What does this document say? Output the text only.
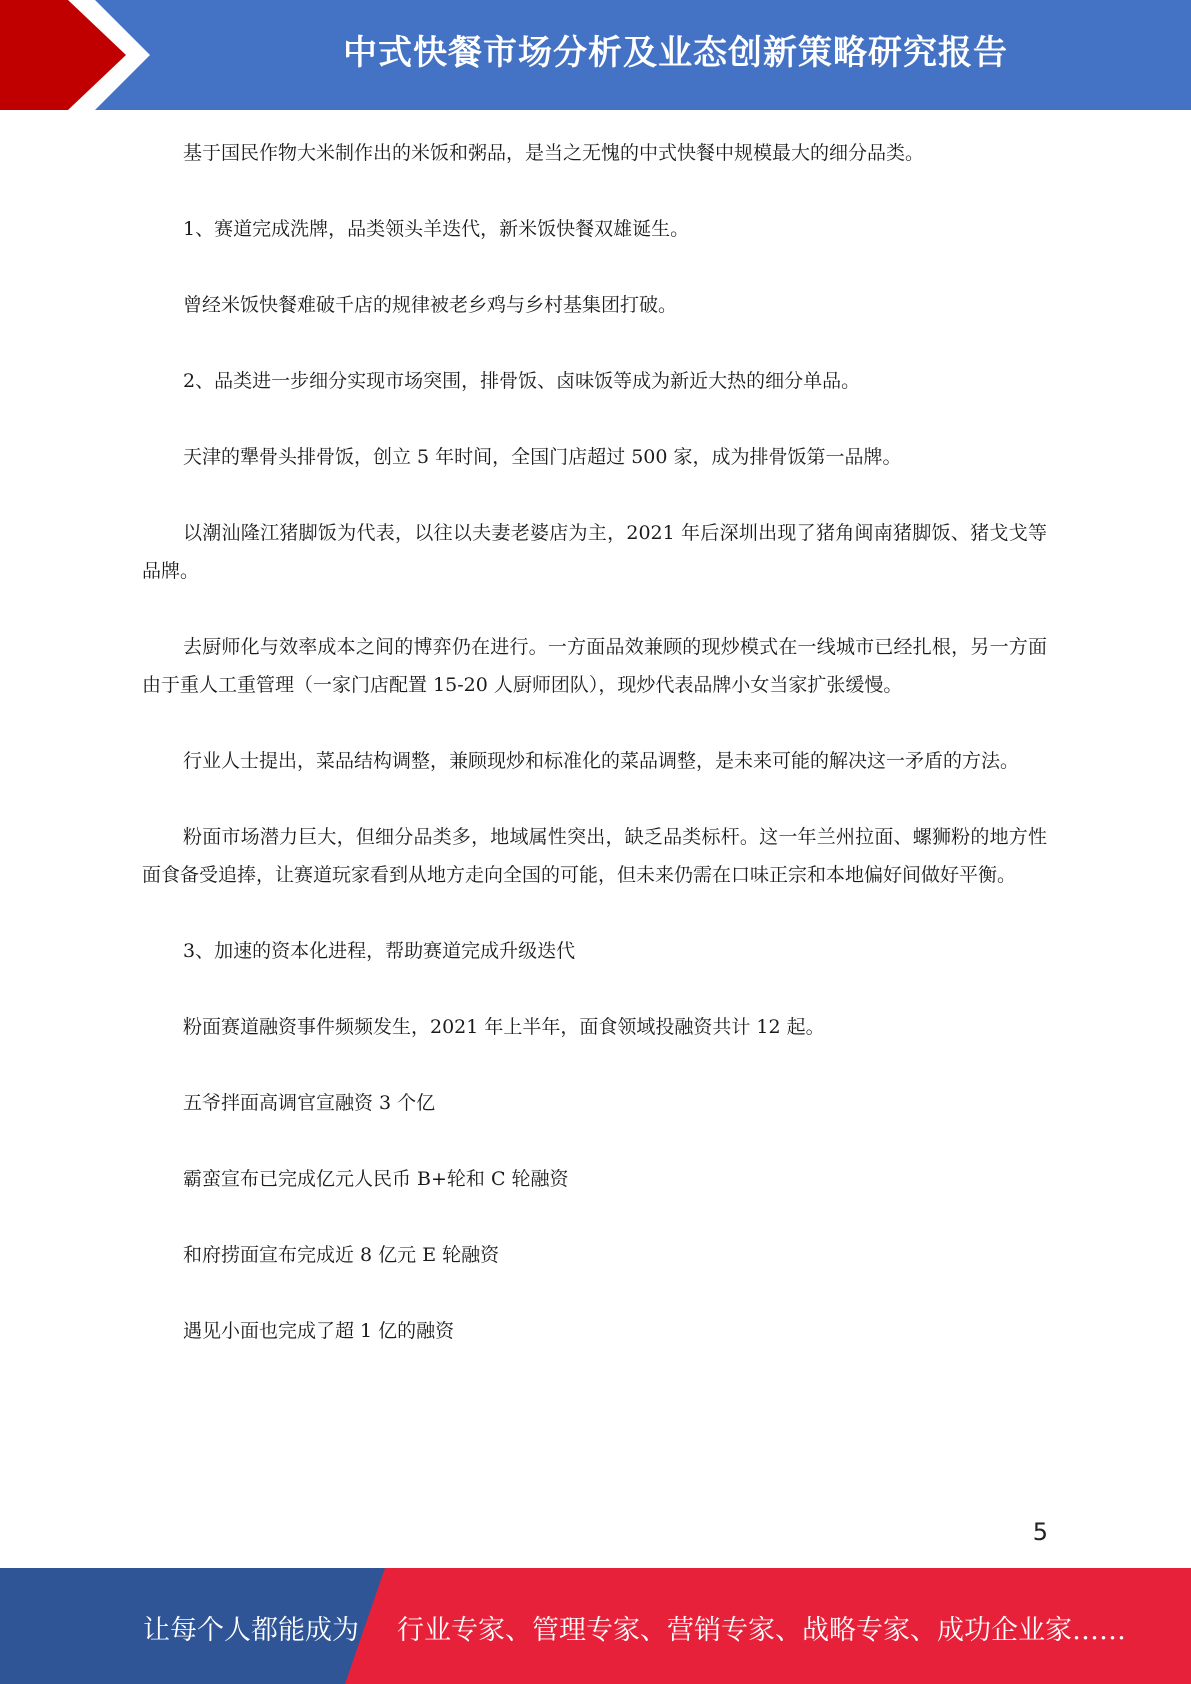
中式快餐市场分析及业态创新策略研究报告

基于国民作物大米制作出的米饭和粥品，是当之无愧的中式快餐中规模最大的细分品类。

1、赛道完成洗牌，品类领头羊迭代，新米饭快餐双雄诞生。

曾经米饭快餐难破千店的规律被老乡鸡与乡村基集团打破。

2、品类进一步细分实现市场突围，排骨饭、卤味饭等成为新近大热的细分单品。

天津的犟骨头排骨饭，创立 5 年时间，全国门店超过 500 家，成为排骨饭第一品牌。

以潮汕隆江猪脚饭为代表，以往以夫妻老婆店为主，2021 年后深圳出现了猪角闽南猪脚饭、猪戈戈等品牌。

去厨师化与效率成本之间的博弈仍在进行。一方面品效兼顾的现炒模式在一线城市已经扎根，另一方面由于重人工重管理（一家门店配置 15-20 人厨师团队），现炒代表品牌小女当家扩张缓慢。

行业人士提出，菜品结构调整，兼顾现炒和标准化的菜品调整，是未来可能的解决这一矛盾的方法。

粉面市场潜力巨大，但细分品类多，地域属性突出，缺乏品类标杆。这一年兰州拉面、螺狮粉的地方性面食备受追捧，让赛道玩家看到从地方走向全国的可能，但未来仍需在口味正宗和本地偏好间做好平衡。

3、加速的资本化进程，帮助赛道完成升级迭代

粉面赛道融资事件频频发生，2021 年上半年，面食领域投融资共计 12 起。

五爷拌面高调官宣融资 3 个亿

霸蛮宣布已完成亿元人民币 B+轮和 C 轮融资

和府捞面宣布完成近 8 亿元 E 轮融资

遇见小面也完成了超 1 亿的融资

5
让每个人都能成为 行业专家、管理专家、营销专家、战略专家、成功企业家……
